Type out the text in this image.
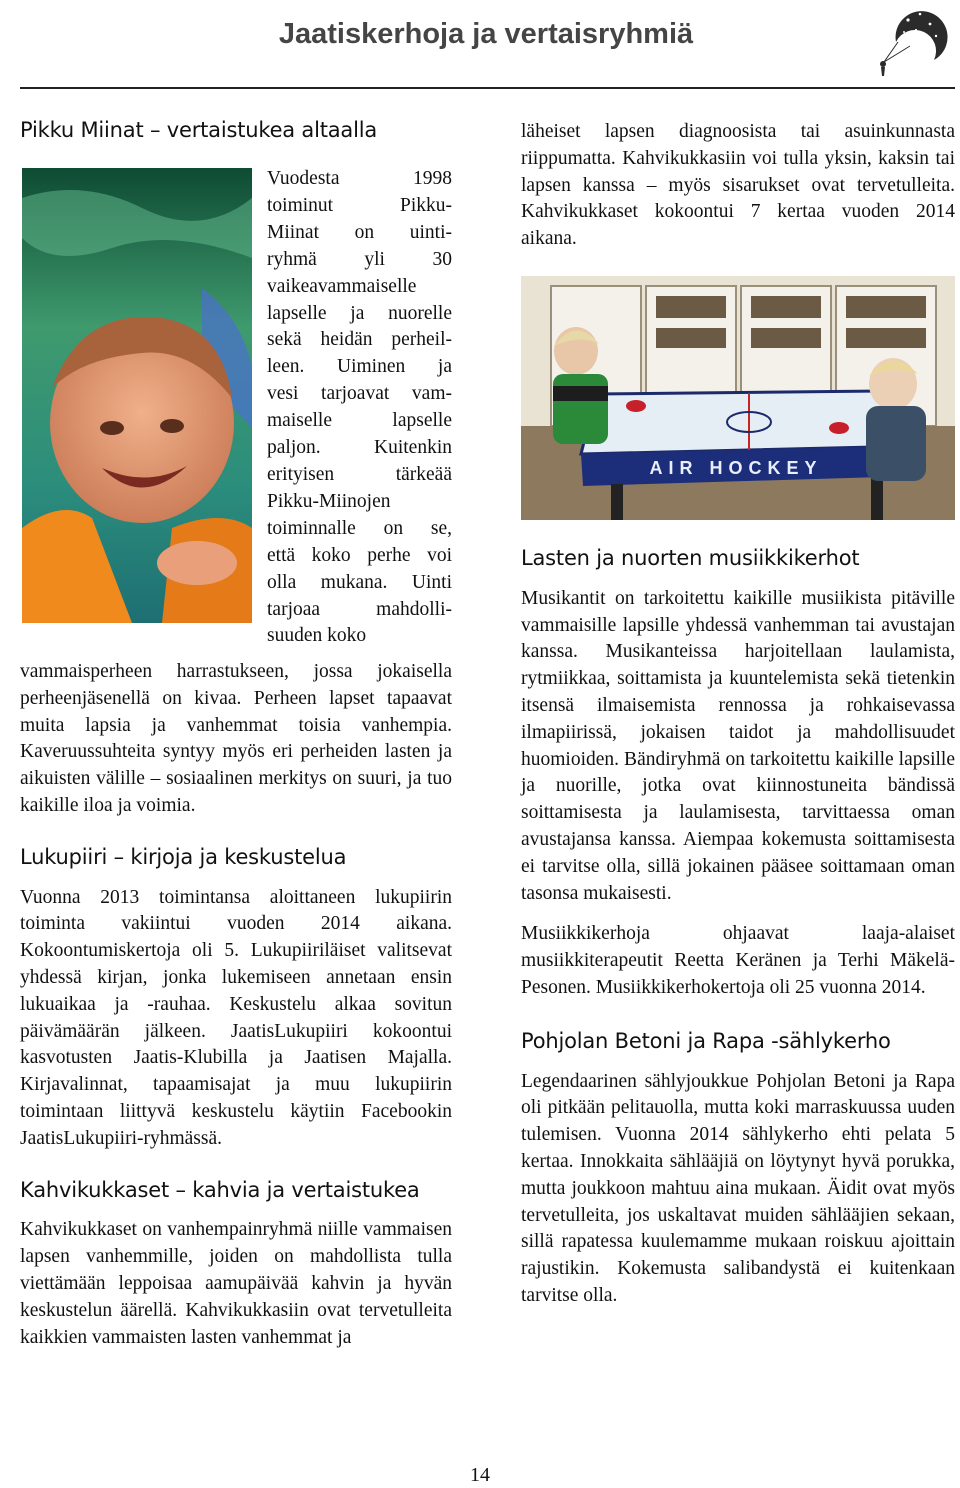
Jaatiskerhoja ja vertaisryhmiä
Pikku Miinat – vertaistukea altaalla
Vuodesta 1998
toiminut Pikku-
Miinat on uinti-
ryhmä yli 30
vaikeavammaiselle
lapselle ja nuorelle
sekä heidän perheil-
leen. Uiminen ja
vesi tarjoavat vam-
maiselle lapselle
paljon. Kuitenkin
erityisen tärkeää
Pikku-Miinojen
toiminnalle on se,
että koko perhe voi
olla mukana. Uinti
tarjoaa mahdolli-
suuden koko

vammaisperheen harrastukseen, jossa jokaisella perheenjäsenellä on kivaa. Perheen lapset tapaavat muita lapsia ja vanhemmat toisia vanhempia. Kaveruussuhteita syntyy myös eri perheiden lasten ja aikuisten välille – sosiaalinen merkitys on suuri, ja tuo kaikille iloa ja voimia.

Lukupiiri – kirjoja ja keskustelua

Vuonna 2013 toimintansa aloittaneen lukupiirin toiminta vakiintui vuoden 2014 aikana. Kokoontumiskertoja oli 5. Lukupiiriläiset valitsevat yhdessä kirjan, jonka lukemiseen annetaan ensin lukuaikaa ja -rauhaa. Keskustelu alkaa sovitun päivämäärän jälkeen. JaatisLukupiiri kokoontui kasvotusten Jaatis-Klubilla ja Jaatisen Majalla. Kirjavalinnat, tapaamisajat ja muu lukupiirin toimintaan liittyvä keskustelu käytiin Facebookin JaatisLukupiiri-ryhmässä.

Kahvikukkaset – kahvia ja vertaistukea

Kahvikukkaset on vanhempainryhmä niille vammaisen lapsen vanhemmille, joiden on mahdollista tulla viettämään leppoisaa aamupäivää kahvin ja hyvän keskustelun äärellä. Kahvikukkasiin ovat tervetulleita kaikkien vammaisten lasten vanhemmat ja

läheiset lapsen diagnoosista tai asuinkunnasta riippumatta. Kahvikukkasiin voi tulla yksin, kaksin tai lapsen kanssa – myös sisarukset ovat tervetulleita. Kahvikukkaset kokoontui 7 kertaa vuoden 2014 aikana.

AIR HOCKEY
Lasten ja nuorten musiikkikerhot

Musikantit on tarkoitettu kaikille musiikista pitäville vammaisille lapsille yhdessä vanhemman tai avustajan kanssa. Musikanteissa harjoitellaan laulamista, rytmiikkaa, soittamista ja kuuntelemista sekä tietenkin itsensä ilmaisemista rennossa ja rohkaisevassa ilmapiirissä, jokaisen taidot ja mahdollisuudet huomioiden. Bändiryhmä on tarkoitettu kaikille lapsille ja nuorille, jotka ovat kiinnostuneita bändissä soittamisesta ja laulamisesta, tarvittaessa oman avustajansa kanssa. Aiempaa kokemusta soittamisesta ei tarvitse olla, sillä jokainen pääsee soittamaan oman tasonsa mukaisesti.

Musiikkikerhoja ohjaavat laaja-alaiset musiikkiterapeutit Reetta Keränen ja Terhi Mäkelä-Pesonen. Musiikkikerhokertoja oli 25 vuonna 2014.

Pohjolan Betoni ja Rapa -sählykerho

Legendaarinen sählyjoukkue Pohjolan Betoni ja Rapa oli pitkään pelitauolla, mutta koki marraskuussa uuden tulemisen. Vuonna 2014 sählykerho ehti pelata 5 kertaa. Innokkaita sählääjiä on löytynyt hyvä porukka, mutta joukkoon mahtuu aina mukaan. Äidit ovat myös tervetulleita, jos uskaltavat muiden sählääjien sekaan, sillä rapatessa kuulemamme mukaan roiskuu ajoittain rajustikin. Kokemusta salibandystä ei kuitenkaan tarvitse olla.

14
